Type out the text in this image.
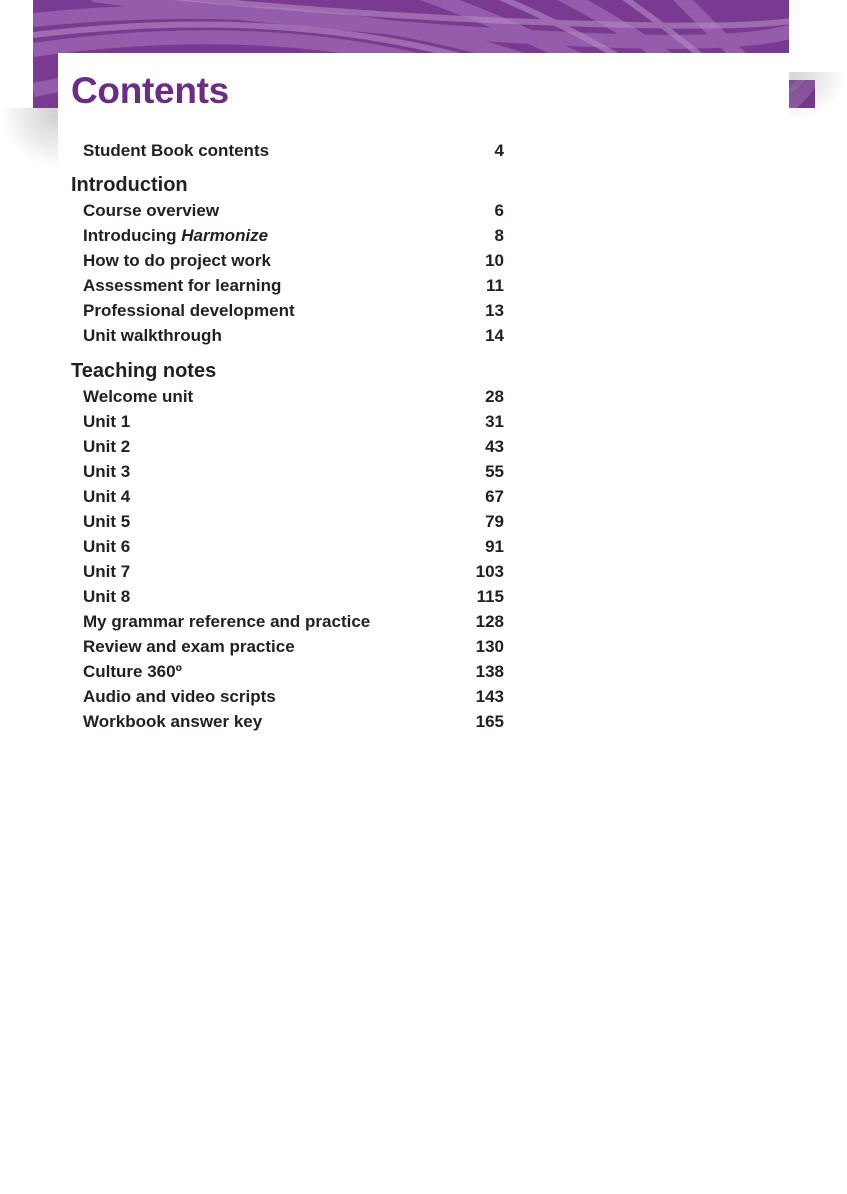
Contents
Student Book contents	4
Introduction
Course overview	6
Introducing Harmonize	8
How to do project work	10
Assessment for learning	11
Professional development	13
Unit walkthrough	14
Teaching notes
Welcome unit	28
Unit 1	31
Unit 2	43
Unit 3	55
Unit 4	67
Unit 5	79
Unit 6	91
Unit 7	103
Unit 8	115
My grammar reference and practice	128
Review and exam practice	130
Culture 360º	138
Audio and video scripts	143
Workbook answer key	165
